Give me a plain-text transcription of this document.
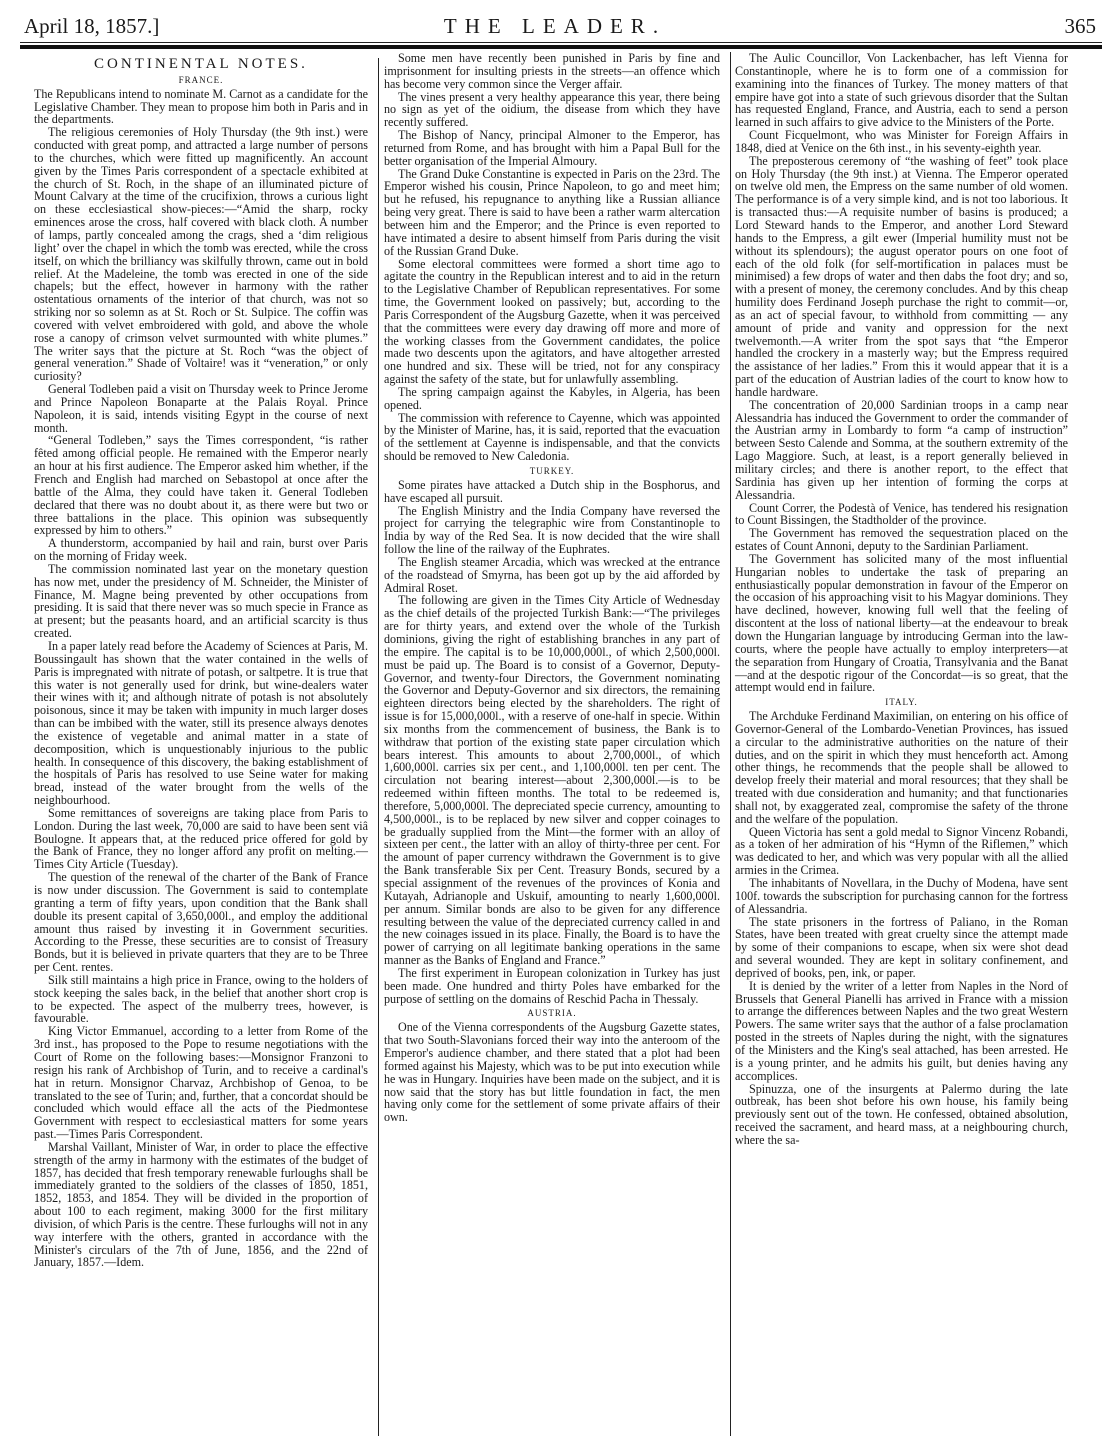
April 18, 1857.]	THE LEADER.	365
CONTINENTAL NOTES.
FRANCE.

The Republicans intend to nominate M. Carnot as a candidate for the Legislative Chamber. They mean to propose him both in Paris and in the departments.

The religious ceremonies of Holy Thursday (the 9th inst.) were conducted with great pomp, and attracted a large number of persons to the churches, which were fitted up magnificently. An account given by the Times Paris correspondent of a spectacle exhibited at the church of St. Roch, in the shape of an illuminated picture of Mount Calvary at the time of the crucifixion, throws a curious light on these ecclesiastical show-pieces:—“Amid the sharp, rocky eminences arose the cross, half covered with black cloth. A number of lamps, partly concealed among the crags, shed a ‘dim religious light’ over the chapel in which the tomb was erected, while the cross itself, on which the brilliancy was skilfully thrown, came out in bold relief. At the Madeleine, the tomb was erected in one of the side chapels; but the effect, however in harmony with the rather ostentatious ornaments of the interior of that church, was not so striking nor so solemn as at St. Roch or St. Sulpice. The coffin was covered with velvet embroidered with gold, and above the whole rose a canopy of crimson velvet surmounted with white plumes.” The writer says that the picture at St. Roch “was the object of general veneration.” Shade of Voltaire! was it “veneration,” or only curiosity?

General Todleben paid a visit on Thursday week to Prince Jerome and Prince Napoleon Bonaparte at the Palais Royal. Prince Napoleon, it is said, intends visiting Egypt in the course of next month.

“General Todleben,” says the Times correspondent, “is rather fêted among official people. He remained with the Emperor nearly an hour at his first audience. The Emperor asked him whether, if the French and English had marched on Sebastopol at once after the battle of the Alma, they could have taken it. General Todleben declared that there was no doubt about it, as there were but two or three battalions in the place. This opinion was subsequently expressed by him to others.”

A thunderstorm, accompanied by hail and rain, burst over Paris on the morning of Friday week.

The commission nominated last year on the monetary question has now met, under the presidency of M. Schneider, the Minister of Finance, M. Magne being prevented by other occupations from presiding. It is said that there never was so much specie in France as at present; but the peasants hoard, and an artificial scarcity is thus created.

In a paper lately read before the Academy of Sciences at Paris, M. Boussingault has shown that the water contained in the wells of Paris is impregnated with nitrate of potash, or saltpetre. It is true that this water is not generally used for drink, but wine-dealers water their wines with it; and although nitrate of potash is not absolutely poisonous, since it may be taken with impunity in much larger doses than can be imbibed with the water, still its presence always denotes the existence of vegetable and animal matter in a state of decomposition, which is unquestionably injurious to the public health. In consequence of this discovery, the baking establishment of the hospitals of Paris has resolved to use Seine water for making bread, instead of the water brought from the wells of the neighbourhood.

Some remittances of sovereigns are taking place from Paris to London. During the last week, 70,000 are said to have been sent viâ Boulogne. It appears that, at the reduced price offered for gold by the Bank of France, they no longer afford any profit on melting.—Times City Article (Tuesday).

The question of the renewal of the charter of the Bank of France is now under discussion. The Government is said to contemplate granting a term of fifty years, upon condition that the Bank shall double its present capital of 3,650,000l., and employ the additional amount thus raised by investing it in Government securities. According to the Presse, these securities are to consist of Treasury Bonds, but it is believed in private quarters that they are to be Three per Cent. rentes.

Silk still maintains a high price in France, owing to the holders of stock keeping the sales back, in the belief that another short crop is to be expected. The aspect of the mulberry trees, however, is favourable.

King Victor Emmanuel, according to a letter from Rome of the 3rd inst., has proposed to the Pope to resume negotiations with the Court of Rome on the following bases:—Monsignor Franzoni to resign his rank of Archbishop of Turin, and to receive a cardinal's hat in return. Monsignor Charvaz, Archbishop of Genoa, to be translated to the see of Turin; and, further, that a concordat should be concluded which would efface all the acts of the Piedmontese Government with respect to ecclesiastical matters for some years past.—Times Paris Correspondent.

Marshal Vaillant, Minister of War, in order to place the effective strength of the army in harmony with the estimates of the budget of 1857, has decided that fresh temporary renewable furloughs shall be immediately granted to the soldiers of the classes of 1850, 1851, 1852, 1853, and 1854. They will be divided in the proportion of about 100 to each regiment, making 3000 for the first military division, of which Paris is the centre. These furloughs will not in any way interfere with the others, granted in accordance with the Minister's circulars of the 7th of June, 1856, and the 22nd of January, 1857.—Idem.

Some men have recently been punished in Paris by fine and imprisonment for insulting priests in the streets—an offence which has become very common since the Verger affair.

The vines present a very healthy appearance this year, there being no sign as yet of the oidium, the disease from which they have recently suffered.

The Bishop of Nancy, principal Almoner to the Emperor, has returned from Rome, and has brought with him a Papal Bull for the better organisation of the Imperial Almoury.

The Grand Duke Constantine is expected in Paris on the 23rd. The Emperor wished his cousin, Prince Napoleon, to go and meet him; but he refused, his repugnance to anything like a Russian alliance being very great. There is said to have been a rather warm altercation between him and the Emperor; and the Prince is even reported to have intimated a desire to absent himself from Paris during the visit of the Russian Grand Duke.

Some electoral committees were formed a short time ago to agitate the country in the Republican interest and to aid in the return to the Legislative Chamber of Republican representatives. For some time, the Government looked on passively; but, according to the Paris Correspondent of the Augsburg Gazette, when it was perceived that the committees were every day drawing off more and more of the working classes from the Government candidates, the police made two descents upon the agitators, and have altogether arrested one hundred and six. These will be tried, not for any conspiracy against the safety of the state, but for unlawfully assembling.

The spring campaign against the Kabyles, in Algeria, has been opened.

The commission with reference to Cayenne, which was appointed by the Minister of Marine, has, it is said, reported that the evacuation of the settlement at Cayenne is indispensable, and that the convicts should be removed to New Caledonia.

TURKEY.

Some pirates have attacked a Dutch ship in the Bosphorus, and have escaped all pursuit.

The English Ministry and the India Company have reversed the project for carrying the telegraphic wire from Constantinople to India by way of the Red Sea. It is now decided that the wire shall follow the line of the railway of the Euphrates.

The English steamer Arcadia, which was wrecked at the entrance of the roadstead of Smyrna, has been got up by the aid afforded by Admiral Roset.

The following are given in the Times City Article of Wednesday as the chief details of the projected Turkish Bank:—“The privileges are for thirty years, and extend over the whole of the Turkish dominions, giving the right of establishing branches in any part of the empire. The capital is to be 10,000,000l., of which 2,500,000l. must be paid up. The Board is to consist of a Governor, Deputy-Governor, and twenty-four Directors, the Government nominating the Governor and Deputy-Governor and six directors, the remaining eighteen directors being elected by the shareholders. The right of issue is for 15,000,000l., with a reserve of one-half in specie. Within six months from the commencement of business, the Bank is to withdraw that portion of the existing state paper circulation which bears interest. This amounts to about 2,700,000l., of which 1,600,000l. carries six per cent., and 1,100,000l. ten per cent. The circulation not bearing interest—about 2,300,000l.—is to be redeemed within fifteen months. The total to be redeemed is, therefore, 5,000,000l. The depreciated specie currency, amounting to 4,500,000l., is to be replaced by new silver and copper coinages to be gradually supplied from the Mint—the former with an alloy of sixteen per cent., the latter with an alloy of thirty-three per cent. For the amount of paper currency withdrawn the Government is to give the Bank transferable Six per Cent. Treasury Bonds, secured by a special assignment of the revenues of the provinces of Konia and Kutayah, Adrianople and Uskuif, amounting to nearly 1,600,000l. per annum. Similar bonds are also to be given for any difference resulting between the value of the depreciated currency called in and the new coinages issued in its place. Finally, the Board is to have the power of carrying on all legitimate banking operations in the same manner as the Banks of England and France.”

The first experiment in European colonization in Turkey has just been made. One hundred and thirty Poles have embarked for the purpose of settling on the domains of Reschid Pacha in Thessaly.

AUSTRIA.

One of the Vienna correspondents of the Augsburg Gazette states, that two South-Slavonians forced their way into the anteroom of the Emperor's audience chamber, and there stated that a plot had been formed against his Majesty, which was to be put into execution while he was in Hungary. Inquiries have been made on the subject, and it is now said that the story has but little foundation in fact, the men having only come for the settlement of some private affairs of their own.

The Aulic Councillor, Von Lackenbacher, has left Vienna for Constantinople, where he is to form one of a commission for examining into the finances of Turkey. The money matters of that empire have got into a state of such grievous disorder that the Sultan has requested England, France, and Austria, each to send a person learned in such affairs to give advice to the Ministers of the Porte.

Count Ficquelmont, who was Minister for Foreign Affairs in 1848, died at Venice on the 6th inst., in his seventy-eighth year.

The preposterous ceremony of “the washing of feet” took place on Holy Thursday (the 9th inst.) at Vienna. The Emperor operated on twelve old men, the Empress on the same number of old women. The performance is of a very simple kind, and is not too laborious. It is transacted thus:—A requisite number of basins is produced; a Lord Steward hands to the Emperor, and another Lord Steward hands to the Empress, a gilt ewer (Imperial humility must not be without its splendours); the august operator pours on one foot of each of the old folk (for self-mortification in palaces must be minimised) a few drops of water and then dabs the foot dry; and so, with a present of money, the ceremony concludes. And by this cheap humility does Ferdinand Joseph purchase the right to commit—or, as an act of special favour, to withhold from committing — any amount of pride and vanity and oppression for the next twelvemonth.—A writer from the spot says that “the Emperor handled the crockery in a masterly way; but the Empress required the assistance of her ladies.” From this it would appear that it is a part of the education of Austrian ladies of the court to know how to handle hardware.

The concentration of 20,000 Sardinian troops in a camp near Alessandria has induced the Government to order the commander of the Austrian army in Lombardy to form “a camp of instruction” between Sesto Calende and Somma, at the southern extremity of the Lago Maggiore. Such, at least, is a report generally believed in military circles; and there is another report, to the effect that Sardinia has given up her intention of forming the corps at Alessandria.

Count Correr, the Podestà of Venice, has tendered his resignation to Count Bissingen, the Stadtholder of the province.

The Government has removed the sequestration placed on the estates of Count Annoni, deputy to the Sardinian Parliament.

The Government has solicited many of the most influential Hungarian nobles to undertake the task of preparing an enthusiastically popular demonstration in favour of the Emperor on the occasion of his approaching visit to his Magyar dominions. They have declined, however, knowing full well that the feeling of discontent at the loss of national liberty—at the endeavour to break down the Hungarian language by introducing German into the law-courts, where the people have actually to employ interpreters—at the separation from Hungary of Croatia, Transylvania and the Banat—and at the despotic rigour of the Concordat—is so great, that the attempt would end in failure.

ITALY.

The Archduke Ferdinand Maximilian, on entering on his office of Governor-General of the Lombardo-Venetian Provinces, has issued a circular to the administrative authorities on the nature of their duties, and on the spirit in which they must henceforth act. Among other things, he recommends that the people shall be allowed to develop freely their material and moral resources; that they shall be treated with due consideration and humanity; and that functionaries shall not, by exaggerated zeal, compromise the safety of the throne and the welfare of the population.

Queen Victoria has sent a gold medal to Signor Vincenz Robandi, as a token of her admiration of his “Hymn of the Riflemen,” which was dedicated to her, and which was very popular with all the allied armies in the Crimea.

The inhabitants of Novellara, in the Duchy of Modena, have sent 100f. towards the subscription for purchasing cannon for the fortress of Alessandria.

The state prisoners in the fortress of Paliano, in the Roman States, have been treated with great cruelty since the attempt made by some of their companions to escape, when six were shot dead and several wounded. They are kept in solitary confinement, and deprived of books, pen, ink, or paper.

It is denied by the writer of a letter from Naples in the Nord of Brussels that General Pianelli has arrived in France with a mission to arrange the differences between Naples and the two great Western Powers. The same writer says that the author of a false proclamation posted in the streets of Naples during the night, with the signatures of the Ministers and the King's seal attached, has been arrested. He is a young printer, and he admits his guilt, but denies having any accomplices.

Spinuzza, one of the insurgents at Palermo during the late outbreak, has been shot before his own house, his family being previously sent out of the town. He confessed, obtained absolution, received the sacrament, and heard mass, at a neighbouring church, where the sa-
